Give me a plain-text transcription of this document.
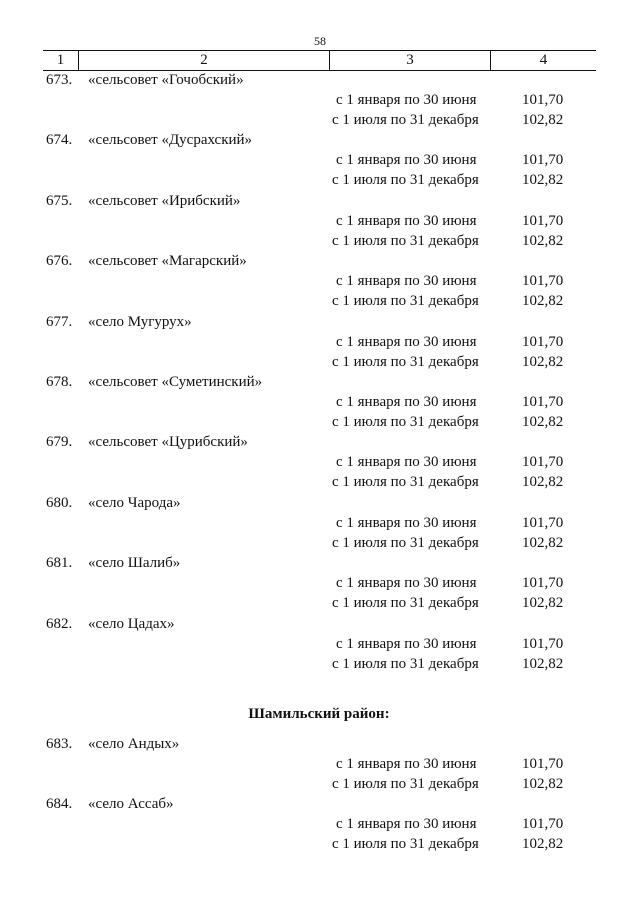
58
1	2	3	4
673. «сельсовет «Гочобский»
с 1 января по 30 июня	101,70
с 1 июля по 31 декабря	102,82
674. «сельсовет «Дусрахский»
с 1 января по 30 июня	101,70
с 1 июля по 31 декабря	102,82
675. «сельсовет «Ирибский»
с 1 января по 30 июня	101,70
с 1 июля по 31 декабря	102,82
676. «сельсовет «Магарский»
с 1 января по 30 июня	101,70
с 1 июля по 31 декабря	102,82
677. «село Мугурух»
с 1 января по 30 июня	101,70
с 1 июля по 31 декабря	102,82
678. «сельсовет «Суметинский»
с 1 января по 30 июня	101,70
с 1 июля по 31 декабря	102,82
679. «сельсовет «Цурибский»
с 1 января по 30 июня	101,70
с 1 июля по 31 декабря	102,82
680. «село Чарода»
с 1 января по 30 июня	101,70
с 1 июля по 31 декабря	102,82
681. «село Шалиб»
с 1 января по 30 июня	101,70
с 1 июля по 31 декабря	102,82
682. «село Цадах»
с 1 января по 30 июня	101,70
с 1 июля по 31 декабря	102,82
Шамильский район:
683. «село Андых»
с 1 января по 30 июня	101,70
с 1 июля по 31 декабря	102,82
684. «село Ассаб»
с 1 января по 30 июня	101,70
с 1 июля по 31 декабря	102,82
